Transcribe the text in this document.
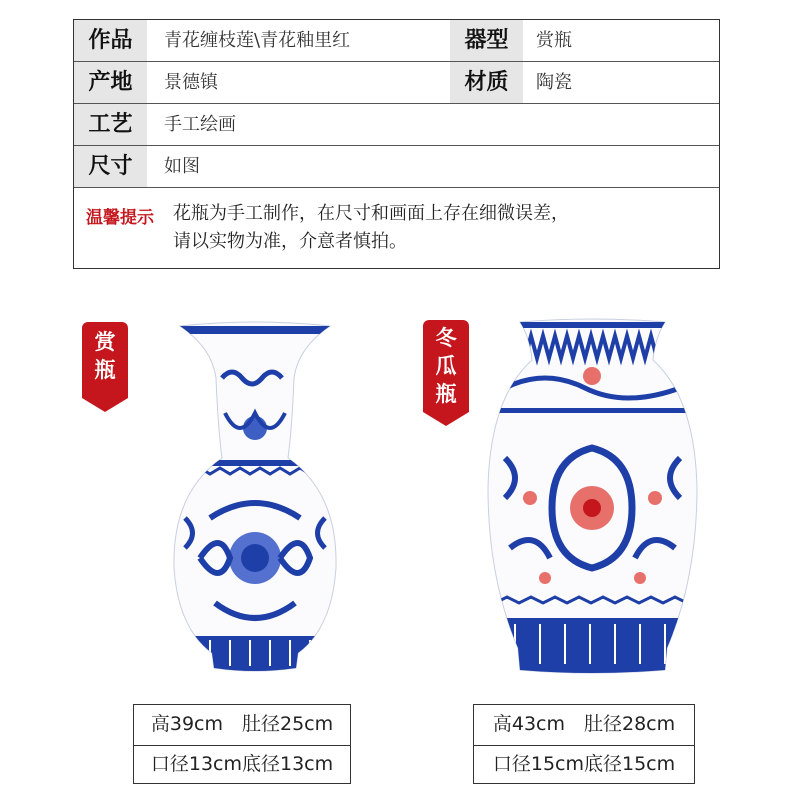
作品	青花缠枝莲\青花釉里红	器型	赏瓶
产地	景德镇	材质	陶瓷
工艺	手工绘画
尺寸	如图
温馨提示 花瓶为手工制作，在尺寸和画面上存在细微误差，
请以实物为准，介意者慎拍。
赏
瓶
冬
瓜
瓶
高39cm　肚径25cm
口径13cm底径13cm
高43cm　肚径28cm
口径15cm底径15cm
